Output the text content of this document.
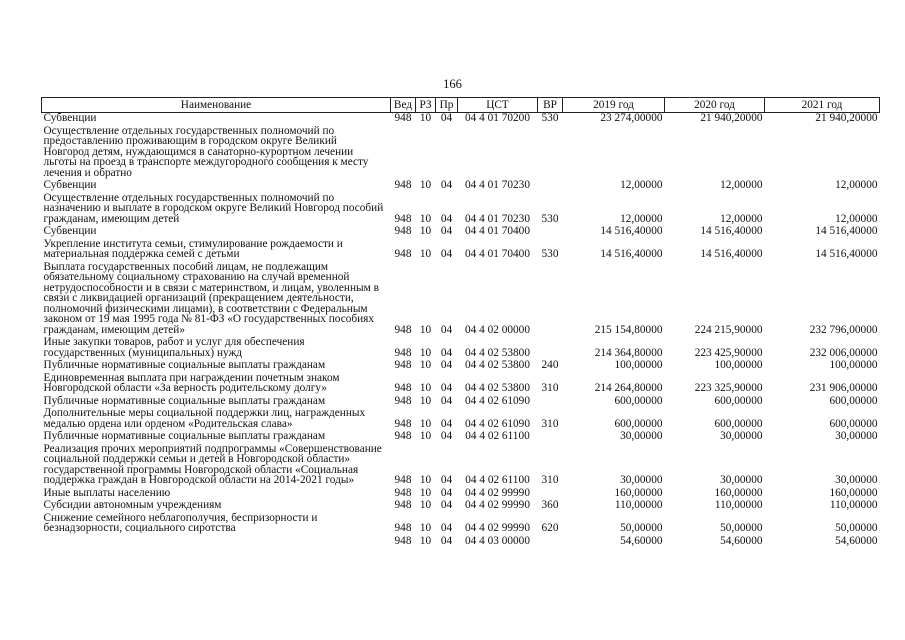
166
Наименование	Вед	РЗ	Пр	ЦСТ	ВР	2019 год	2020 год	2021 год
Субвенции	948	10	04	04 4 01 70200	530	23 274,00000	21 940,20000	21 940,20000
Осуществление отдельных государственных полномочий по предоставлению проживающим в городском округе Великий Новгород детям, нуждающимся в санаторно-курортном лечении льготы на проезд в транспорте междугородного сообщения к месту лечения и обратно								
Субвенции	948	10	04	04 4 01 70230		12,00000	12,00000	12,00000
Осуществление отдельных государственных полномочий по назначению и выплате в городском округе Великий Новгород пособий гражданам, имеющим детей	948	10	04	04 4 01 70230	530	12,00000	12,00000	12,00000
Субвенции	948	10	04	04 4 01 70400		14 516,40000	14 516,40000	14 516,40000
Укрепление института семьи, стимулирование рождаемости и материальная поддержка семей с детьми	948	10	04	04 4 01 70400	530	14 516,40000	14 516,40000	14 516,40000
Выплата государственных пособий лицам, не подлежащим обязательному социальному страхованию на случай временной нетрудоспособности и в связи с материнством, и лицам, уволенным в связи с ликвидацией организаций (прекращением деятельности, полномочий физическими лицами), в соответствии с Федеральным законом от 19 мая 1995 года № 81-ФЗ «О государственных пособиях гражданам, имеющим детей»	948	10	04	04 4 02 00000		215 154,80000	224 215,90000	232 796,00000
Иные закупки товаров, работ и услуг для обеспечения государственных (муниципальных) нужд	948	10	04	04 4 02 53800		214 364,80000	223 425,90000	232 006,00000
Публичные нормативные социальные выплаты гражданам	948	10	04	04 4 02 53800	240	100,00000	100,00000	100,00000
Единовременная выплата при награждении почетным знаком Новгородской области «За верность родительскому долгу»	948	10	04	04 4 02 53800	310	214 264,80000	223 325,90000	231 906,00000
Публичные нормативные социальные выплаты гражданам	948	10	04	04 4 02 61090		600,00000	600,00000	600,00000
Дополнительные меры социальной поддержки лиц, награжденных медалью ордена или орденом «Родительская слава»	948	10	04	04 4 02 61090	310	600,00000	600,00000	600,00000
Публичные нормативные социальные выплаты гражданам	948	10	04	04 4 02 61100		30,00000	30,00000	30,00000
Реализация прочих мероприятий подпрограммы «Совершенствование социальной поддержки семьи и детей в Новгородской области» государственной программы Новгородской области «Социальная поддержка граждан в Новгородской области на 2014-2021 годы»	948	10	04	04 4 02 61100	310	30,00000	30,00000	30,00000
Иные выплаты населению	948	10	04	04 4 02 99990		160,00000	160,00000	160,00000
Субсидии автономным учреждениям	948	10	04	04 4 02 99990	360	110,00000	110,00000	110,00000
Снижение семейного неблагополучия, беспризорности и безнадзорности, социального сиротства	948	10	04	04 4 02 99990	620	50,00000	50,00000	50,00000
	948	10	04	04 4 03 00000		54,60000	54,60000	54,60000
